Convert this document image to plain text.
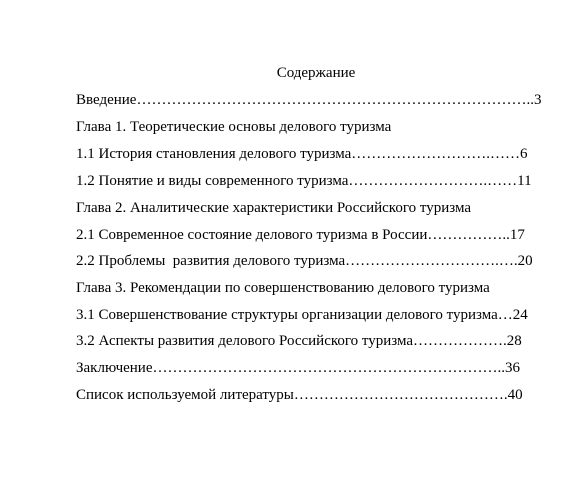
Содержание
Введение……………………………………………………………………..3
Глава 1. Теоретические основы делового туризма
1.1 История становления делового туризма……………………….……6
1.2 Понятие и виды современного туризма……………………….……11
Глава 2. Аналитические характеристики Российского туризма
2.1 Современное состояние делового туризма в России……………..17
2.2 Проблемы  развития делового туризма………………………….….20
Глава 3. Рекомендации по совершенствованию делового туризма
3.1 Совершенствование структуры организации делового туризма…24
3.2 Аспекты развития делового Российского туризма……………….28
Заключение……………………………………………………………..36
Список используемой литературы…………………………………….40
